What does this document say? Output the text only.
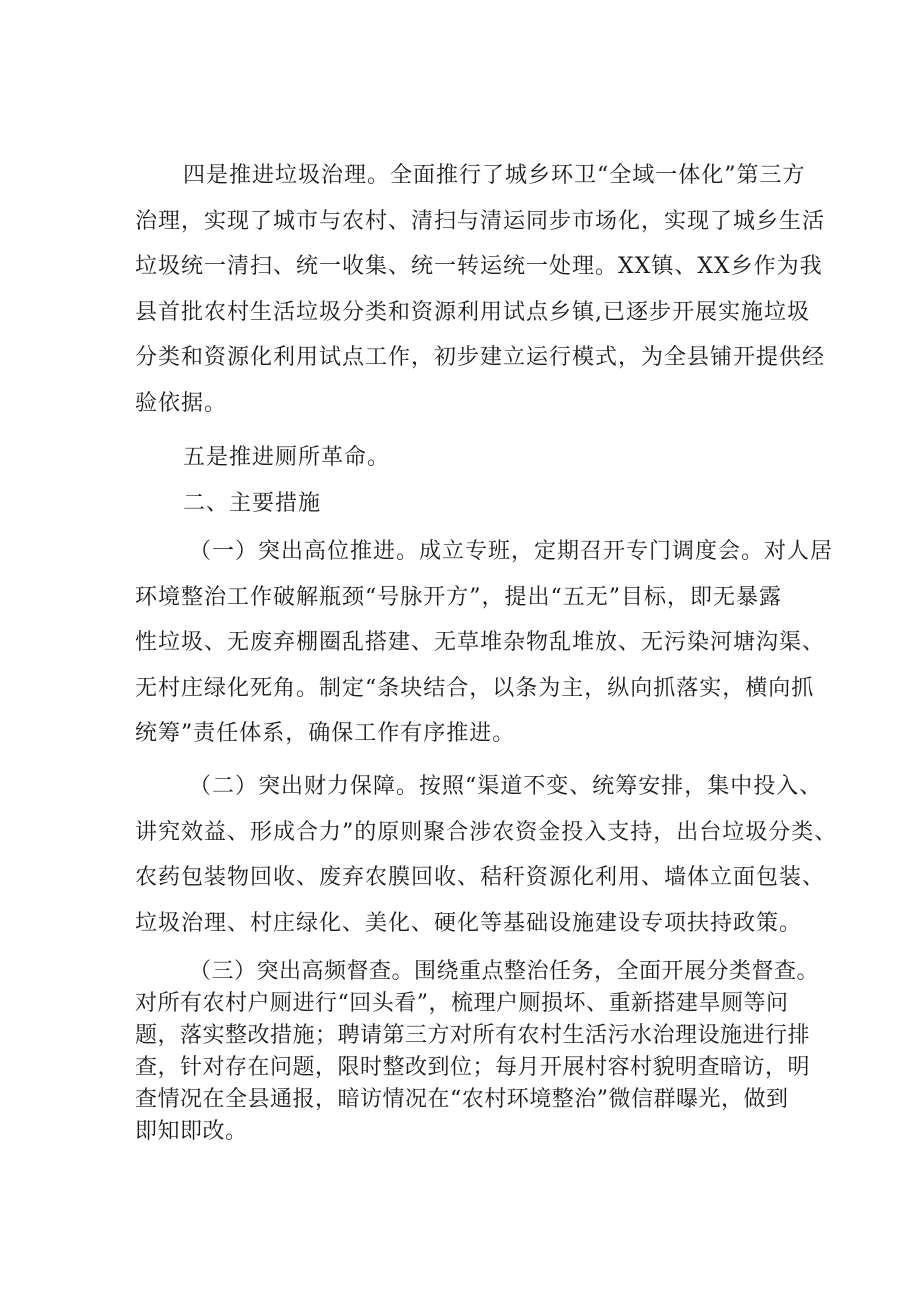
四是推进垃圾治理。全面推行了城乡环卫“全域一体化”第三方
治理，实现了城市与农村、清扫与清运同步市场化，实现了城乡生活
垃圾统一清扫、统一收集、统一转运统一处理。XX镇、XX乡作为我
县首批农村生活垃圾分类和资源利用试点乡镇,已逐步开展实施垃圾
分类和资源化利用试点工作，初步建立运行模式，为全县铺开提供经
验依据。
五是推进厕所革命。
二、主要措施
（一）突出高位推进。成立专班，定期召开专门调度会。对人居
环境整治工作破解瓶颈“号脉开方”，提出“五无”目标，即无暴露
性垃圾、无废弃棚圈乱搭建、无草堆杂物乱堆放、无污染河塘沟渠、
无村庄绿化死角。制定“条块结合，以条为主，纵向抓落实，横向抓
统筹”责任体系，确保工作有序推进。
（二）突出财力保障。按照“渠道不变、统筹安排，集中投入、
讲究效益、形成合力”的原则聚合涉农资金投入支持，出台垃圾分类、
农药包装物回收、废弃农膜回收、秸秆资源化利用、墙体立面包装、
垃圾治理、村庄绿化、美化、硬化等基础设施建设专项扶持政策。
（三）突出高频督查。围绕重点整治任务，全面开展分类督查。
对所有农村户厕进行“回头看”，梳理户厕损坏、重新搭建旱厕等问
题，落实整改措施；聘请第三方对所有农村生活污水治理设施进行排
查，针对存在问题，限时整改到位；每月开展村容村貌明查暗访，明
查情况在全县通报，暗访情况在“农村环境整治”微信群曝光，做到
即知即改。
